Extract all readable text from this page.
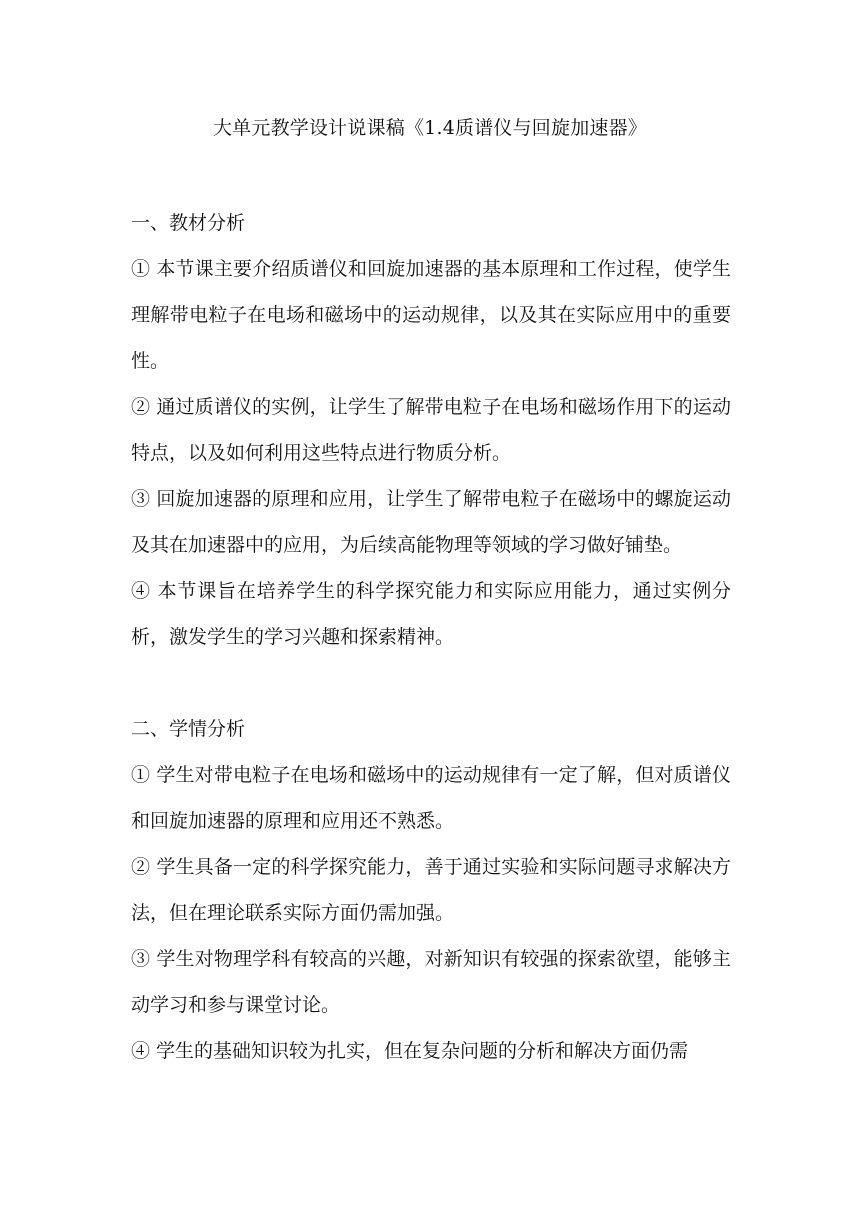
大单元教学设计说课稿《1.4质谱仪与回旋加速器》
一、教材分析
① 本节课主要介绍质谱仪和回旋加速器的基本原理和工作过程，使学生理解带电粒子在电场和磁场中的运动规律，以及其在实际应用中的重要性。
② 通过质谱仪的实例，让学生了解带电粒子在电场和磁场作用下的运动特点，以及如何利用这些特点进行物质分析。
③ 回旋加速器的原理和应用，让学生了解带电粒子在磁场中的螺旋运动及其在加速器中的应用，为后续高能物理等领域的学习做好铺垫。
④ 本节课旨在培养学生的科学探究能力和实际应用能力，通过实例分析，激发学生的学习兴趣和探索精神。
二、学情分析
① 学生对带电粒子在电场和磁场中的运动规律有一定了解，但对质谱仪和回旋加速器的原理和应用还不熟悉。
② 学生具备一定的科学探究能力，善于通过实验和实际问题寻求解决方法，但在理论联系实际方面仍需加强。
③ 学生对物理学科有较高的兴趣，对新知识有较强的探索欲望，能够主动学习和参与课堂讨论。
④ 学生的基础知识较为扎实，但在复杂问题的分析和解决方面仍需
